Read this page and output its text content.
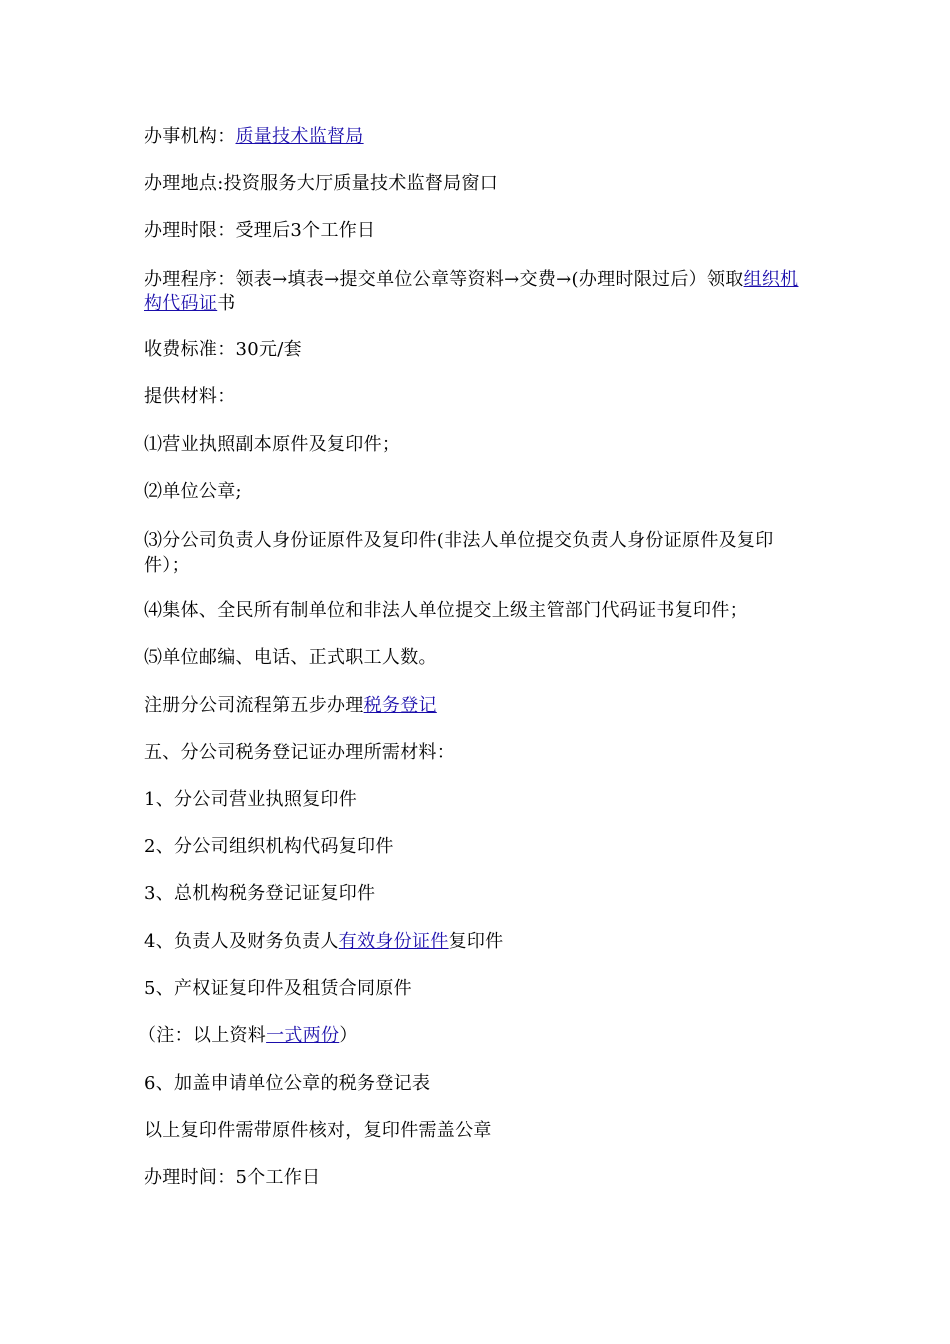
办事机构：质量技术监督局
办理地点:投资服务大厅质量技术监督局窗口
办理时限：受理后3个工作日
办理程序：领表→填表→提交单位公章等资料→交费→(办理时限过后）领取组织机构代码证书
收费标准：30元/套
提供材料：
⑴营业执照副本原件及复印件；
⑵单位公章;
⑶分公司负责人身份证原件及复印件(非法人单位提交负责人身份证原件及复印件）；
⑷集体、全民所有制单位和非法人单位提交上级主管部门代码证书复印件；
⑸单位邮编、电话、正式职工人数。
注册分公司流程第五步办理税务登记
五、分公司税务登记证办理所需材料：
1、分公司营业执照复印件
2、分公司组织机构代码复印件
3、总机构税务登记证复印件
4、负责人及财务负责人有效身份证件复印件
5、产权证复印件及租赁合同原件
（注：以上资料一式两份）
6、加盖申请单位公章的税务登记表
以上复印件需带原件核对，复印件需盖公章
办理时间：5个工作日
